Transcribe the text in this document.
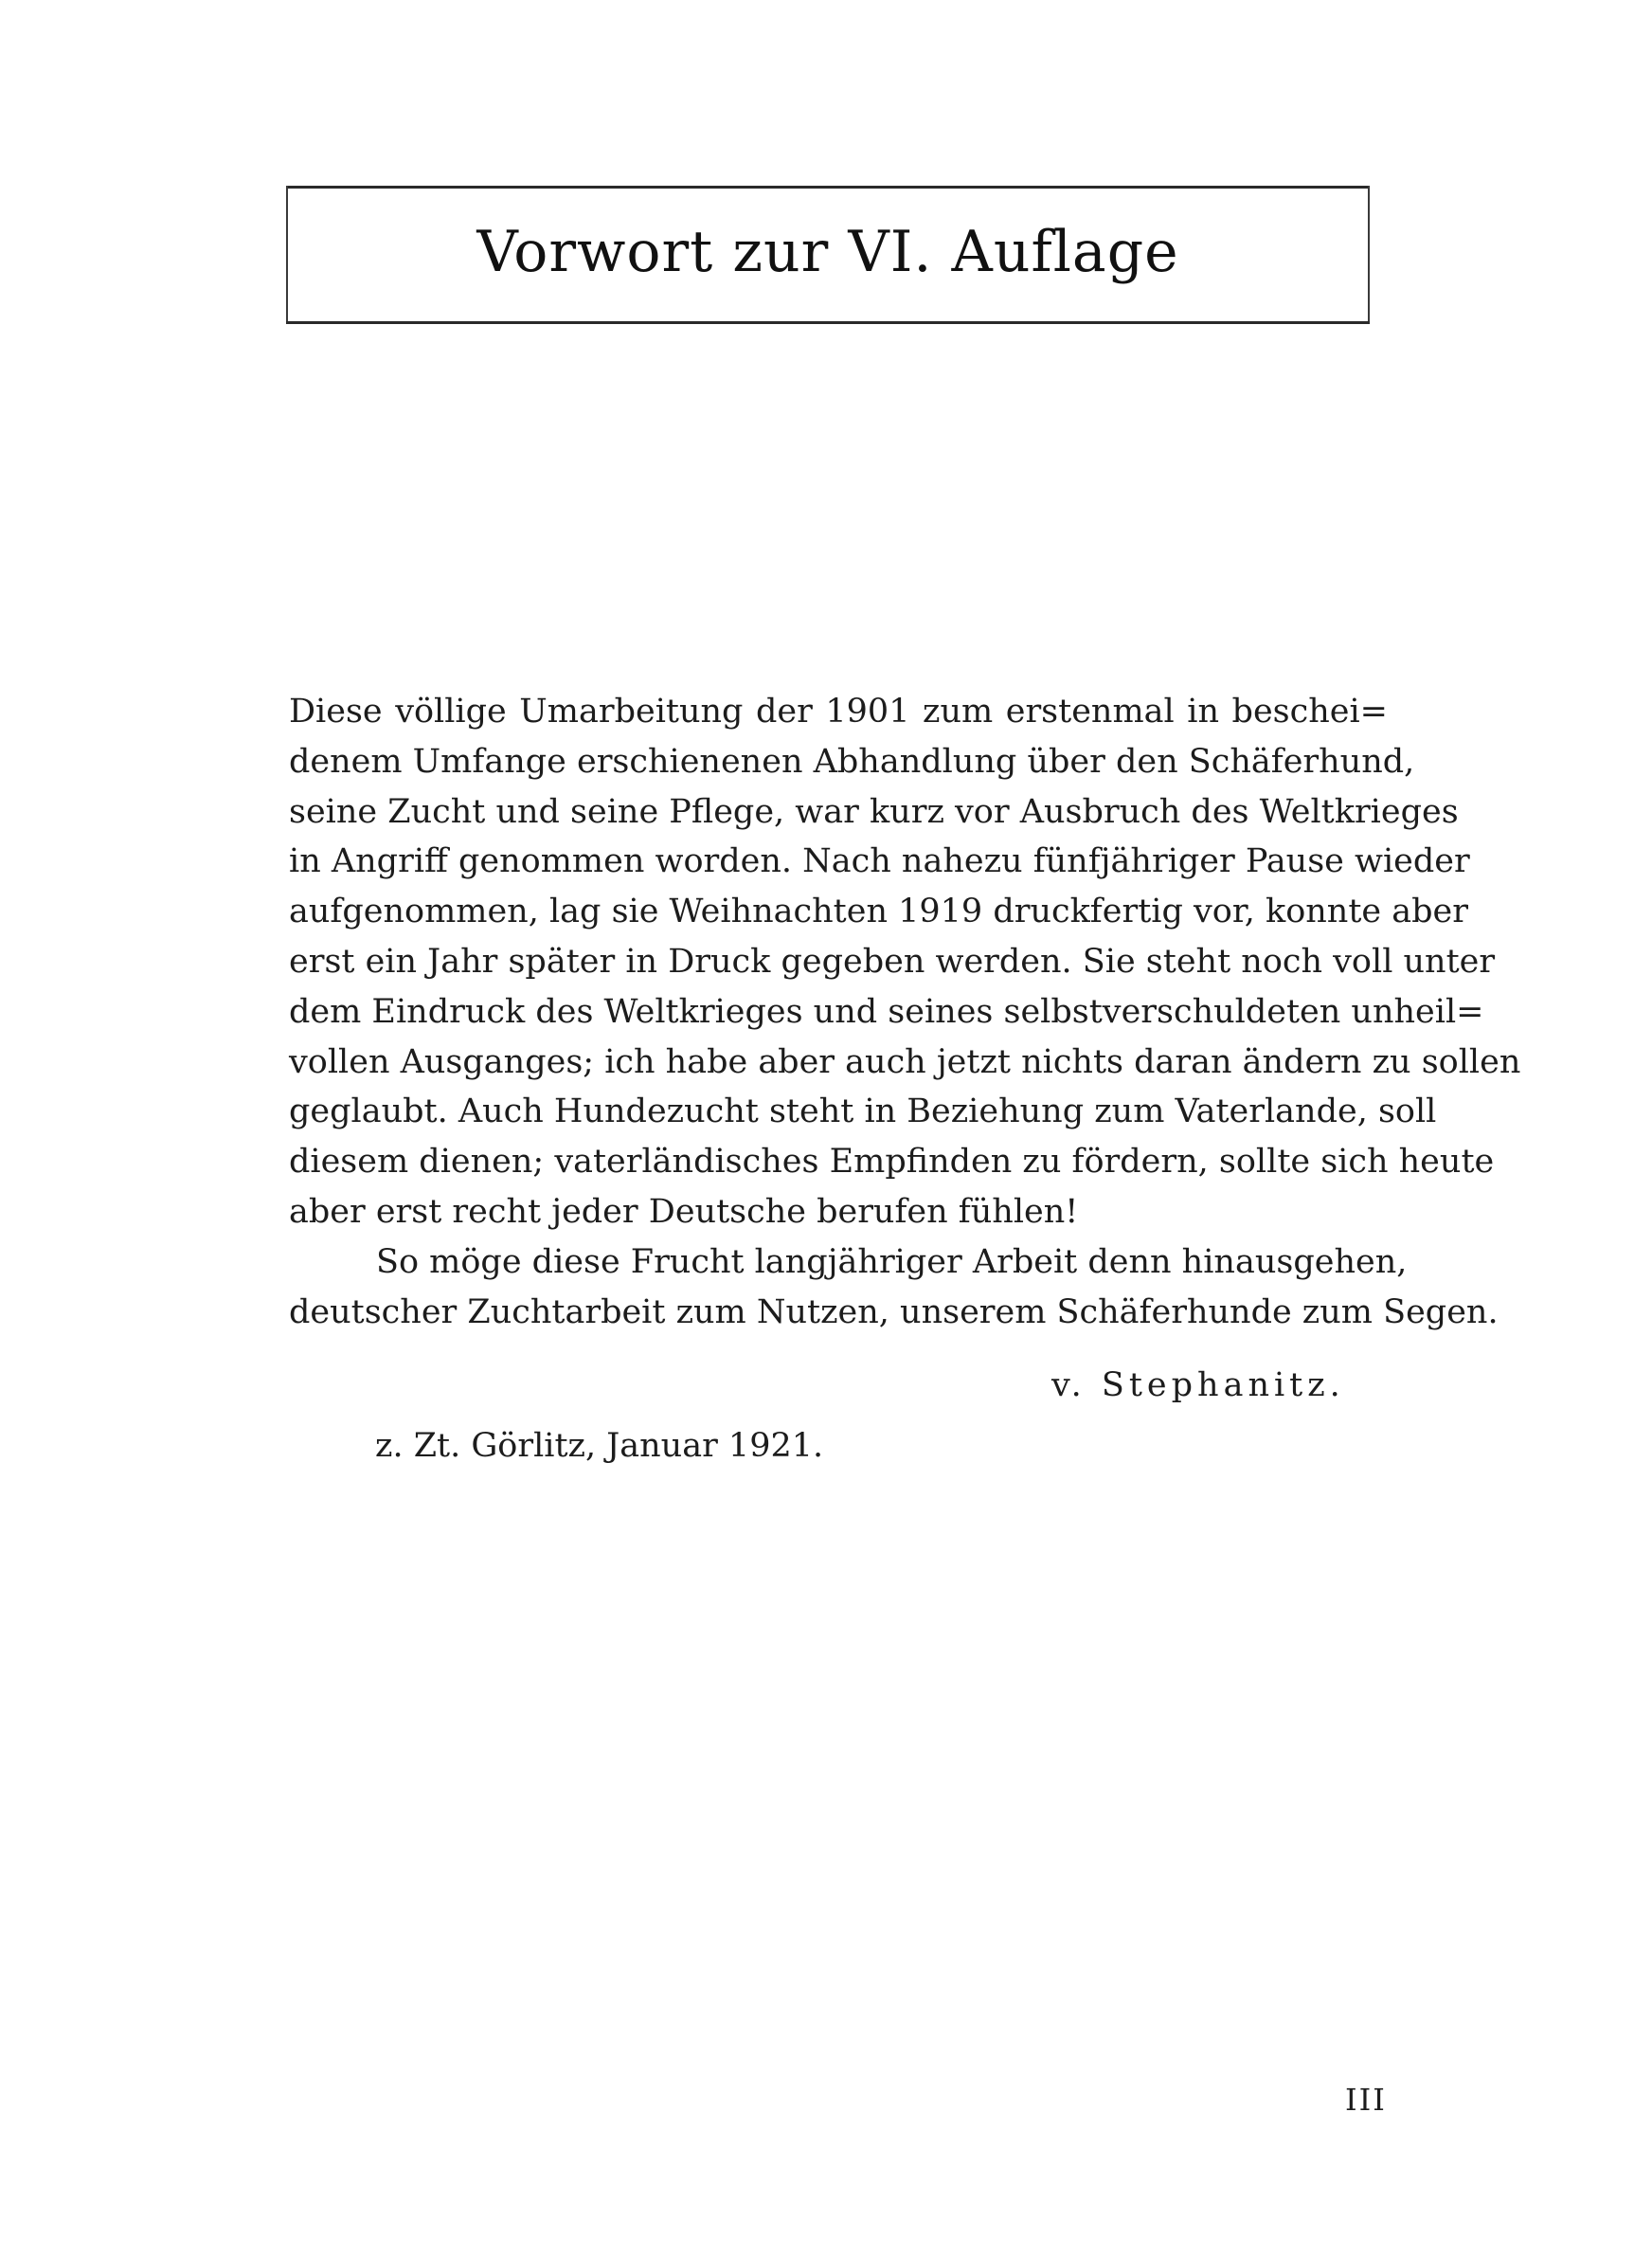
Vorwort zur VI. Auflage
Diese völlige Umarbeitung der 1901 zum erstenmal in beschei=
denem Umfange erschienenen Abhandlung über den Schäferhund,
seine Zucht und seine Pflege, war kurz vor Ausbruch des Weltkrieges
in Angriff genommen worden. Nach nahezu fünfjähriger Pause wieder
aufgenommen, lag sie Weihnachten 1919 druckfertig vor, konnte aber
erst ein Jahr später in Druck gegeben werden. Sie steht noch voll unter
dem Eindruck des Weltkrieges und seines selbstverschuldeten unheil=
vollen Ausganges; ich habe aber auch jetzt nichts daran ändern zu sollen
geglaubt. Auch Hundezucht steht in Beziehung zum Vaterlande, soll
diesem dienen; vaterländisches Empfinden zu fördern, sollte sich heute
aber erst recht jeder Deutsche berufen fühlen!
So möge diese Frucht langjähriger Arbeit denn hinausgehen,
deutscher Zuchtarbeit zum Nutzen, unserem Schäferhunde zum Segen.
v. Stephanitz.
z. Zt. Görlitz, Januar 1921.
III
